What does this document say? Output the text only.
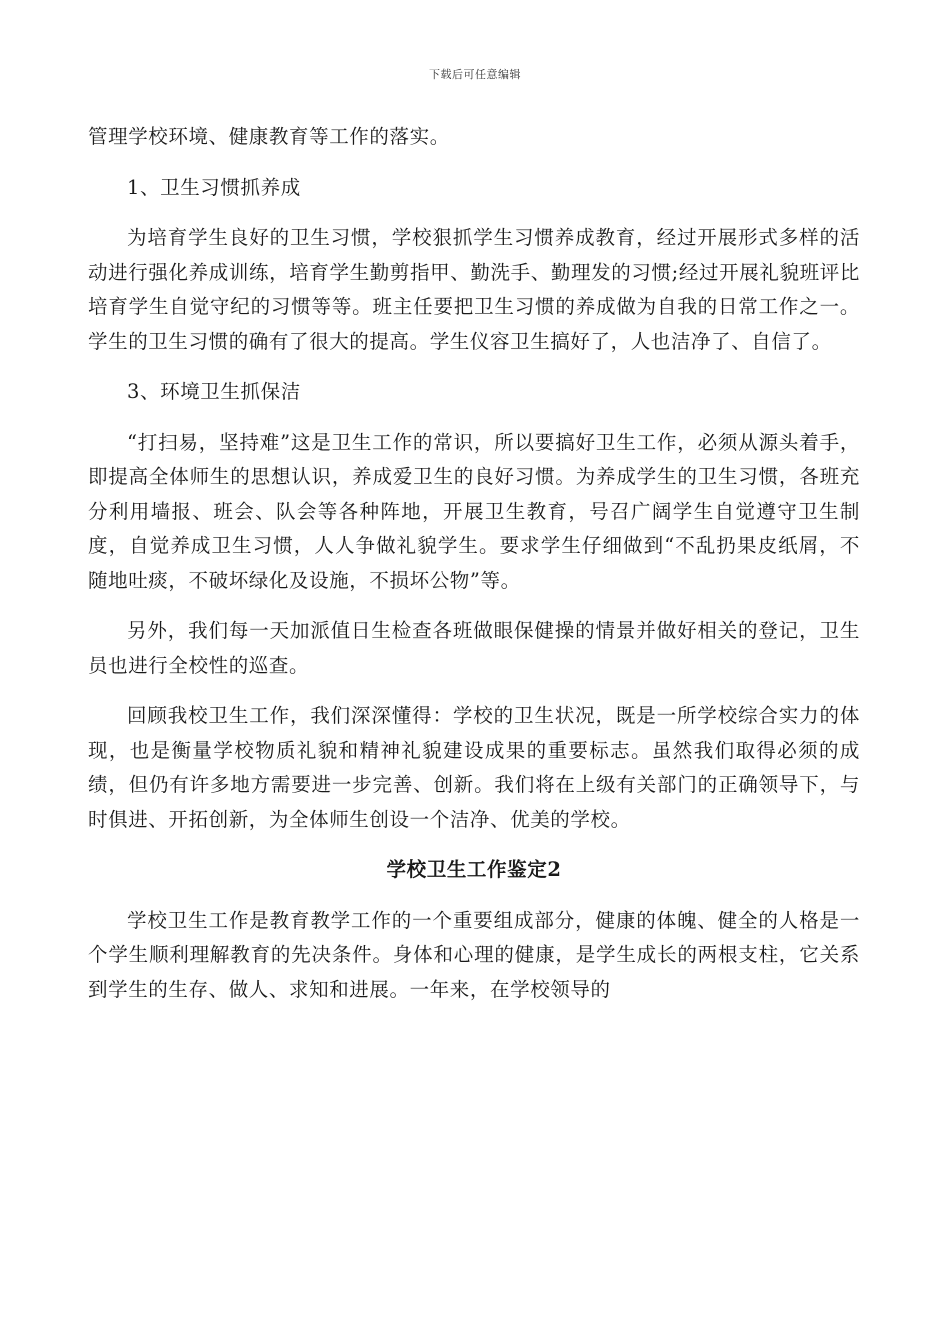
下载后可任意编辑

管理学校环境、健康教育等工作的落实。

1、卫生习惯抓养成

为培育学生良好的卫生习惯，学校狠抓学生习惯养成教育，经过开展形式多样的活动进行强化养成训练，培育学生勤剪指甲、勤洗手、勤理发的习惯;经过开展礼貌班评比培育学生自觉守纪的习惯等等。班主任要把卫生习惯的养成做为自我的日常工作之一。学生的卫生习惯的确有了很大的提高。学生仪容卫生搞好了，人也洁净了、自信了。

3、环境卫生抓保洁

“打扫易，坚持难”这是卫生工作的常识，所以要搞好卫生工作，必须从源头着手，即提高全体师生的思想认识，养成爱卫生的良好习惯。为养成学生的卫生习惯，各班充分利用墙报、班会、队会等各种阵地，开展卫生教育，号召广阔学生自觉遵守卫生制度，自觉养成卫生习惯，人人争做礼貌学生。要求学生仔细做到“不乱扔果皮纸屑，不随地吐痰，不破坏绿化及设施，不损坏公物”等。

另外，我们每一天加派值日生检查各班做眼保健操的情景并做好相关的登记，卫生员也进行全校性的巡查。

回顾我校卫生工作，我们深深懂得：学校的卫生状况，既是一所学校综合实力的体现，也是衡量学校物质礼貌和精神礼貌建设成果的重要标志。虽然我们取得必须的成绩，但仍有许多地方需要进一步完善、创新。我们将在上级有关部门的正确领导下，与时俱进、开拓创新，为全体师生创设一个洁净、优美的学校。

学校卫生工作鉴定2

学校卫生工作是教育教学工作的一个重要组成部分，健康的体魄、健全的人格是一个学生顺利理解教育的先决条件。身体和心理的健康，是学生成长的两根支柱，它关系到学生的生存、做人、求知和进展。一年来，在学校领导的
